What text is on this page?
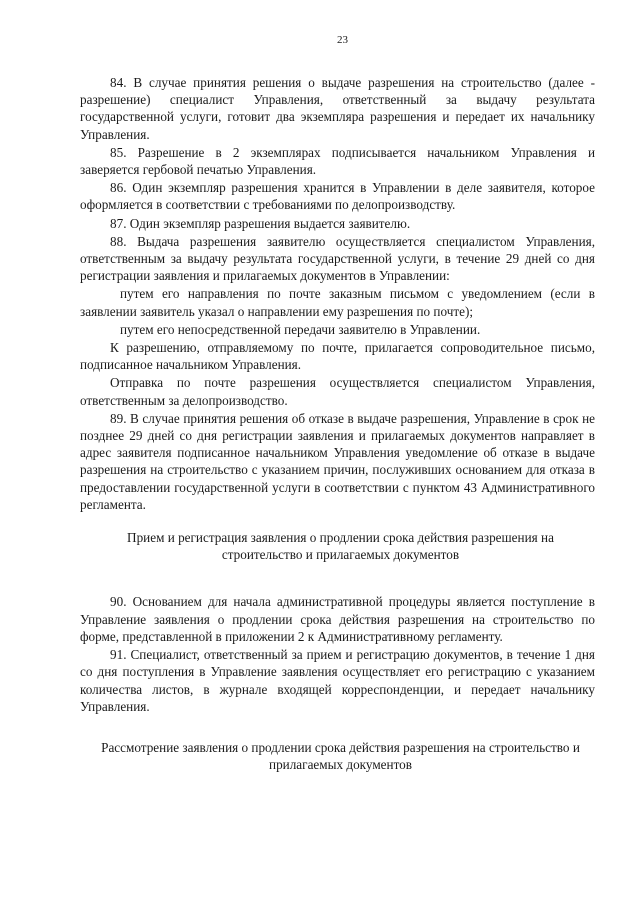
23

84. В случае принятия решения о выдаче разрешения на строительство (далее - разрешение) специалист Управления, ответственный за выдачу результата государственной услуги, готовит два экземпляра разрешения и передает их начальнику Управления.

85. Разрешение в 2 экземплярах подписывается начальником Управления и заверяется гербовой печатью Управления.

86. Один экземпляр разрешения хранится в Управлении в деле заявителя, которое оформляется в соответствии с требованиями по делопроизводству.

87. Один экземпляр разрешения выдается заявителю.

88. Выдача разрешения заявителю осуществляется специалистом Управления, ответственным за выдачу результата государственной услуги, в течение 29 дней со дня регистрации заявления и прилагаемых документов в Управлении:

путем его направления по почте заказным письмом с уведомлением (если в заявлении заявитель указал о направлении ему разрешения по почте);

путем его непосредственной передачи заявителю в Управлении.

К разрешению, отправляемому по почте, прилагается сопроводительное письмо, подписанное начальником Управления.

Отправка по почте разрешения осуществляется специалистом Управления, ответственным за делопроизводство.

89. В случае принятия решения об отказе в выдаче разрешения, Управление в срок не позднее 29 дней со дня регистрации заявления и прилагаемых документов направляет в адрес заявителя подписанное начальником Управления уведомление об отказе в выдаче разрешения на строительство с указанием причин, послуживших основанием для отказа в предоставлении государственной услуги в соответствии с пунктом 43 Административного регламента.

Прием и регистрация заявления о продлении срока действия разрешения на строительство и прилагаемых документов

90. Основанием для начала административной процедуры является поступление в Управление заявления о продлении срока действия разрешения на строительство по форме, представленной в приложении 2 к Административному регламенту.

91. Специалист, ответственный за прием и регистрацию документов, в течение 1 дня со дня поступления в Управление заявления осуществляет его регистрацию с указанием количества листов, в журнале входящей корреспонденции, и передает начальнику Управления.

Рассмотрение заявления о продлении срока действия разрешения на строительство и прилагаемых документов
